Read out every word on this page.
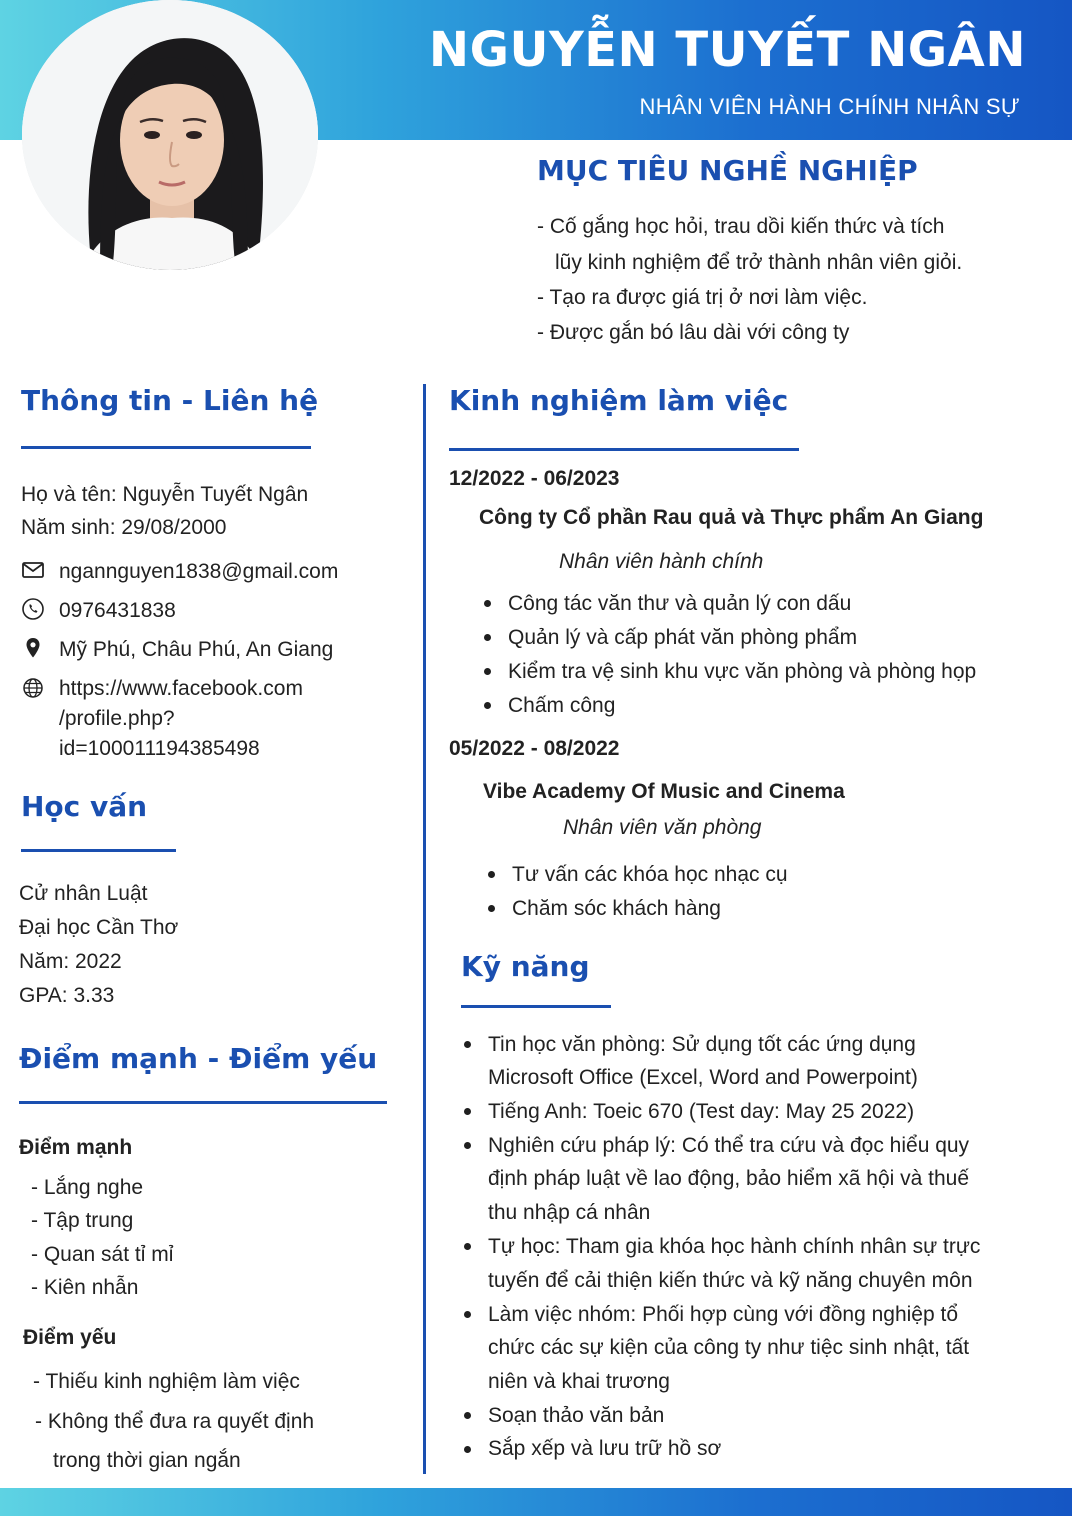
NGUYỄN TUYẾT NGÂN
NHÂN VIÊN HÀNH CHÍNH NHÂN SỰ
MỤC TIÊU NGHỀ NGHIỆP
- Cố gắng học hỏi, trau dồi kiến thức và tích
lũy kinh nghiệm để trở thành nhân viên giỏi.
- Tạo ra được giá trị ở nơi làm việc.
- Được gắn bó lâu dài với công ty
Thông tin - Liên hệ
Họ và tên: Nguyễn Tuyết Ngân
Năm sinh: 29/08/2000
ngannguyen1838@gmail.com
0976431838
Mỹ Phú, Châu Phú, An Giang
https://www.facebook.com
/profile.php?
id=100011194385498
Học vấn
Cử nhân Luật
Đại học Cần Thơ
Năm: 2022
GPA: 3.33
Điểm mạnh - Điểm yếu
Điểm mạnh
- Lắng nghe
- Tập trung
- Quan sát tỉ mỉ
- Kiên nhẫn
Điểm yếu
- Thiếu kinh nghiệm làm việc
- Không thể đưa ra quyết định
trong thời gian ngắn
Kinh nghiệm làm việc
12/2022 - 06/2023
Công ty Cổ phần Rau quả và Thực phẩm An Giang
Nhân viên hành chính
Công tác văn thư và quản lý con dấu
Quản lý và cấp phát văn phòng phẩm
Kiểm tra vệ sinh khu vực văn phòng và phòng họp
Chấm công
05/2022 - 08/2022
Vibe Academy Of Music and Cinema
Nhân viên văn phòng
Tư vấn các khóa học nhạc cụ
Chăm sóc khách hàng
Kỹ năng
Tin học văn phòng: Sử dụng tốt các ứng dụng
Microsoft Office (Excel, Word and Powerpoint)
Tiếng Anh: Toeic 670 (Test day: May 25 2022)
Nghiên cứu pháp lý: Có thể tra cứu và đọc hiểu quy
định pháp luật về lao động, bảo hiểm xã hội và thuế
thu nhập cá nhân
Tự học: Tham gia khóa học hành chính nhân sự trực
tuyến để cải thiện kiến thức và kỹ năng chuyên môn
Làm việc nhóm: Phối hợp cùng với đồng nghiệp tổ
chức các sự kiện của công ty như tiệc sinh nhật, tất
niên và khai trương
Soạn thảo văn bản
Sắp xếp và lưu trữ hồ sơ
